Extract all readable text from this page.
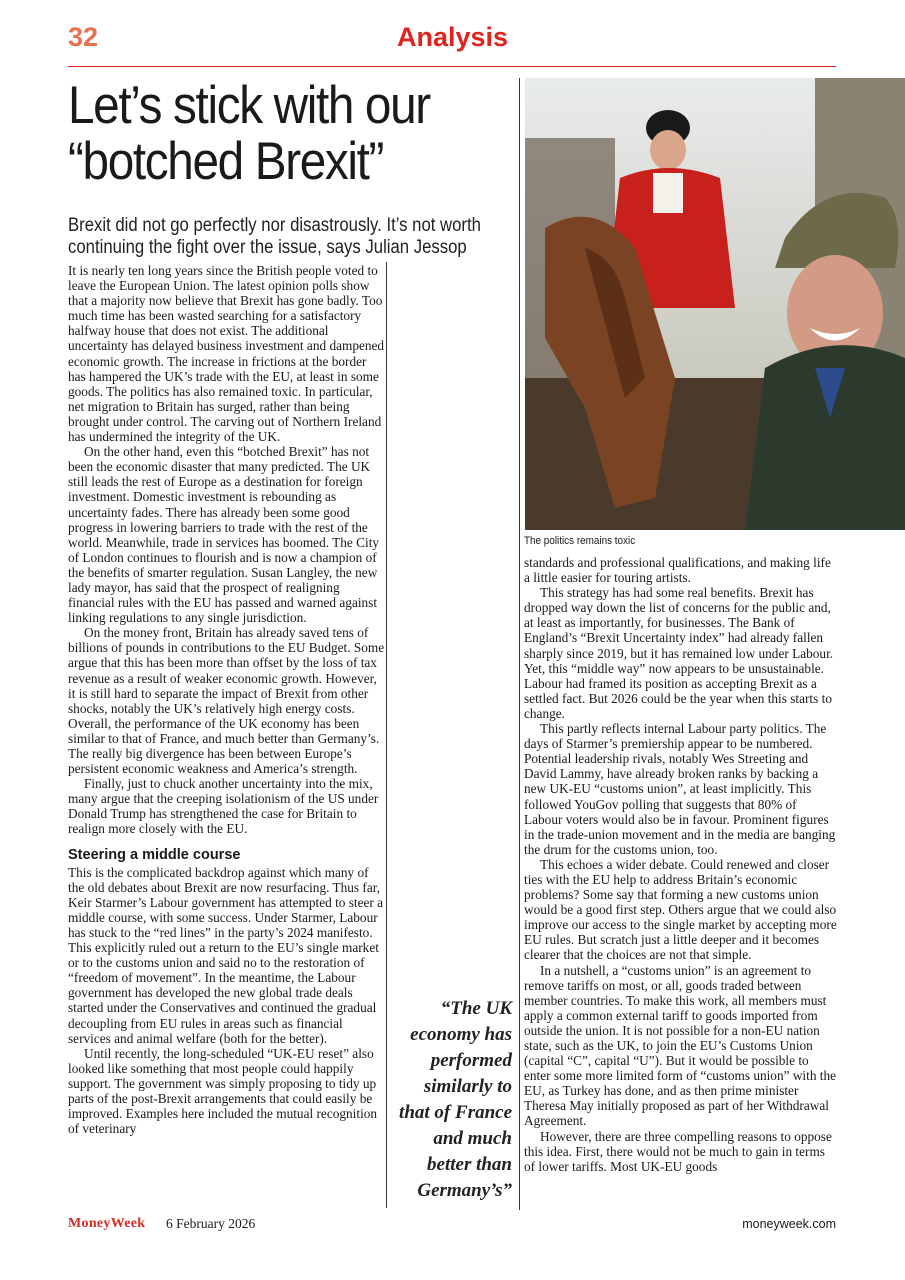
32	Analysis
Let’s stick with our “botched Brexit”
Brexit did not go perfectly nor disastrously. It’s not worth continuing the fight over the issue, says Julian Jessop

It is nearly ten long years since the British people voted to leave the European Union. The latest opinion polls show that a majority now believe that Brexit has gone badly. Too much time has been wasted searching for a satisfactory halfway house that does not exist. The additional uncertainty has delayed business investment and dampened economic growth. The increase in frictions at the border has hampered the UK’s trade with the EU, at least in some goods. The politics has also remained toxic. In particular, net migration to Britain has surged, rather than being brought under control. The carving out of Northern Ireland has undermined the integrity of the UK.

On the other hand, even this “botched Brexit” has not been the economic disaster that many predicted. The UK still leads the rest of Europe as a destination for foreign investment. Domestic investment is rebounding as uncertainty fades. There has already been some good progress in lowering barriers to trade with the rest of the world. Meanwhile, trade in services has boomed. The City of London continues to flourish and is now a champion of the benefits of smarter regulation. Susan Langley, the new lady mayor, has said that the prospect of realigning financial rules with the EU has passed and warned against linking regulations to any single jurisdiction.

On the money front, Britain has already saved tens of billions of pounds in contributions to the EU Budget. Some argue that this has been more than offset by the loss of tax revenue as a result of weaker economic growth. However, it is still hard to separate the impact of Brexit from other shocks, notably the UK’s relatively high energy costs. Overall, the performance of the UK economy has been similar to that of France, and much better than Germany’s. The really big divergence has been between Europe’s persistent economic weakness and America’s strength.

Finally, just to chuck another uncertainty into the mix, many argue that the creeping isolationism of the US under Donald Trump has strengthened the case for Britain to realign more closely with the EU.

Steering a middle course

This is the complicated backdrop against which many of the old debates about Brexit are now resurfacing. Thus far, Keir Starmer’s Labour government has attempted to steer a middle course, with some success. Under Starmer, Labour has stuck to the “red lines” in the party’s 2024 manifesto. This explicitly ruled out a return to the EU’s single market or to the customs union and said no to the restoration of “freedom of movement”. In the meantime, the Labour government has developed the new global trade deals started under the Conservatives and continued the gradual decoupling from EU rules in areas such as financial services and animal welfare (both for the better).

Until recently, the long-scheduled “UK-EU reset” also looked like something that most people could happily support. The government was simply proposing to tidy up parts of the post-Brexit arrangements that could easily be improved. Examples here included the mutual recognition of veterinary

“The UK economy has performed similarly to that of France and much better than Germany’s”
The politics remains toxic

standards and professional qualifications, and making life a little easier for touring artists.

This strategy has had some real benefits. Brexit has dropped way down the list of concerns for the public and, at least as importantly, for businesses. The Bank of England’s “Brexit Uncertainty index” had already fallen sharply since 2019, but it has remained low under Labour. Yet, this “middle way” now appears to be unsustainable. Labour had framed its position as accepting Brexit as a settled fact. But 2026 could be the year when this starts to change.

This partly reflects internal Labour party politics. The days of Starmer’s premiership appear to be numbered. Potential leadership rivals, notably Wes Streeting and David Lammy, have already broken ranks by backing a new UK-EU “customs union”, at least implicitly. This followed YouGov polling that suggests that 80% of Labour voters would also be in favour. Prominent figures in the trade-union movement and in the media are banging the drum for the customs union, too.

This echoes a wider debate. Could renewed and closer ties with the EU help to address Britain’s economic problems? Some say that forming a new customs union would be a good first step. Others argue that we could also improve our access to the single market by accepting more EU rules. But scratch just a little deeper and it becomes clearer that the choices are not that simple.

In a nutshell, a “customs union” is an agreement to remove tariffs on most, or all, goods traded between member countries. To make this work, all members must apply a common external tariff to goods imported from outside the union. It is not possible for a non-EU nation state, such as the UK, to join the EU’s Customs Union (capital “C”, capital “U”). But it would be possible to enter some more limited form of “customs union” with the EU, as Turkey has done, and as then prime minister Theresa May initially proposed as part of her Withdrawal Agreement.

However, there are three compelling reasons to oppose this idea. First, there would not be much to gain in terms of lower tariffs. Most UK-EU goods

MoneyWeek 6 February 2026	moneyweek.com
